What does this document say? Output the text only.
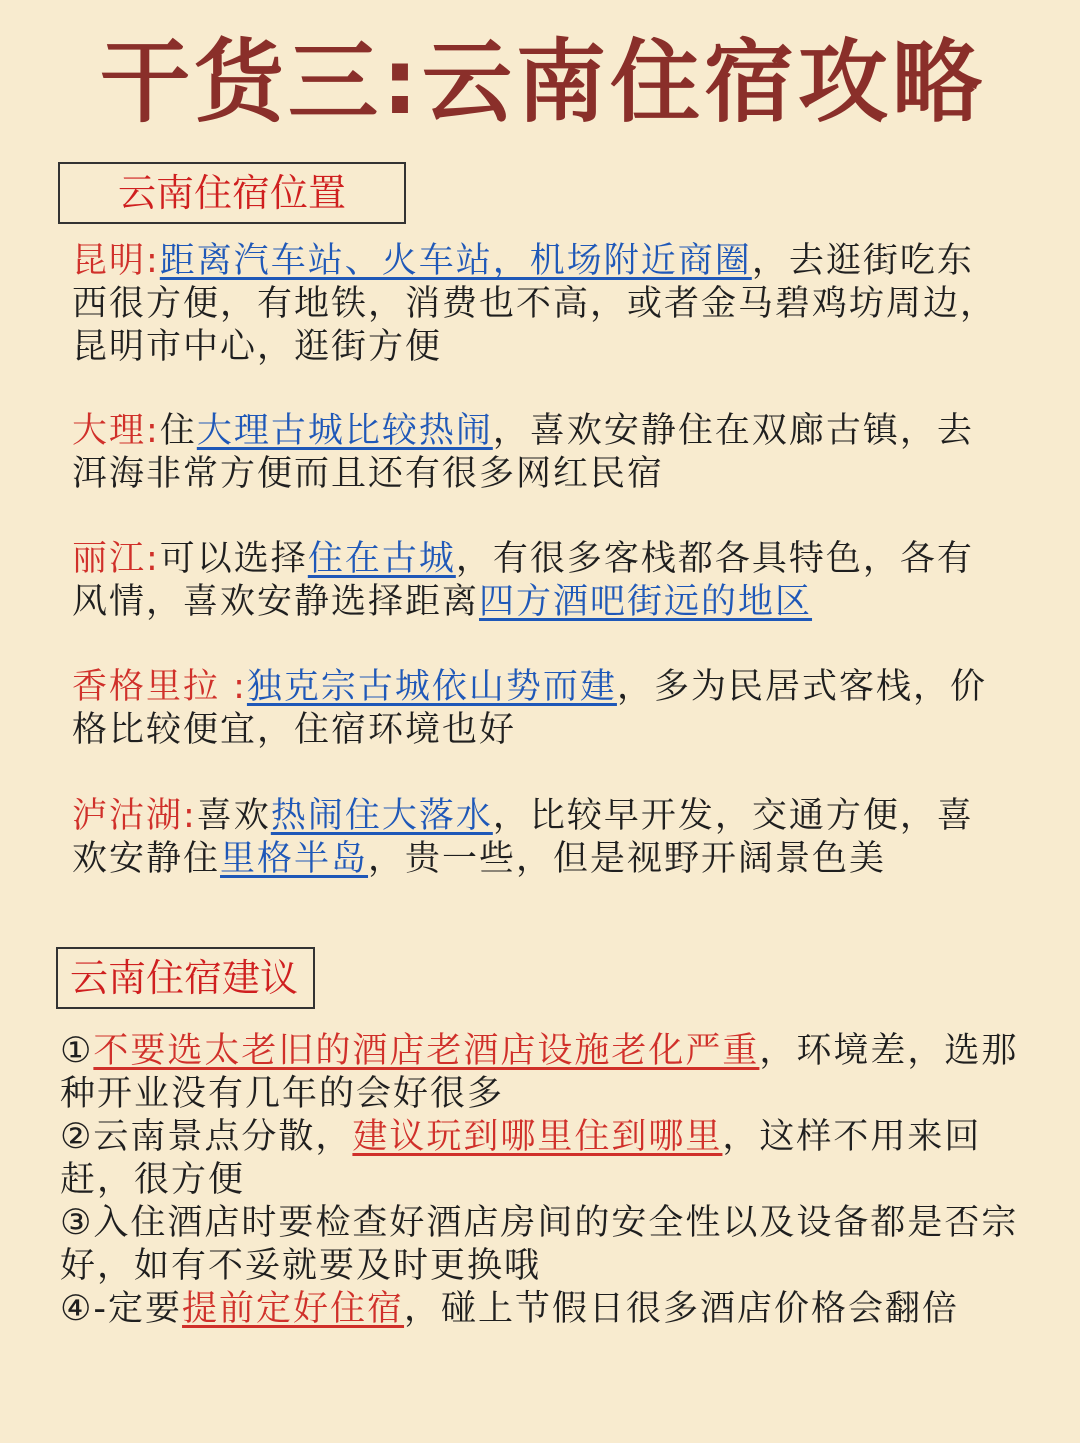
干货三:云南住宿攻略
云南住宿位置
昆明:距离汽车站、火车站，机场附近商圈，去逛街吃东西很方便，有地铁，消费也不高，或者金马碧鸡坊周边，昆明市中心，逛街方便
大理:住大理古城比较热闹，喜欢安静住在双廊古镇，去洱海非常方便而且还有很多网红民宿
丽江:可以选择住在古城，有很多客栈都各具特色，各有风情，喜欢安静选择距离四方酒吧街远的地区
香格里拉 :独克宗古城依山势而建，多为民居式客栈，价格比较便宜，住宿环境也好
泸沽湖:喜欢热闹住大落水，比较早开发，交通方便，喜欢安静住里格半岛，贵一些，但是视野开阔景色美
云南住宿建议
①不要选太老旧的酒店老酒店设施老化严重，环境差，选那种开业没有几年的会好很多
②云南景点分散，建议玩到哪里住到哪里，这样不用来回赶，很方便
③入住酒店时要检查好酒店房间的安全性以及设备都是否宗好，如有不妥就要及时更换哦
④-定要提前定好住宿，碰上节假日很多酒店价格会翻倍
